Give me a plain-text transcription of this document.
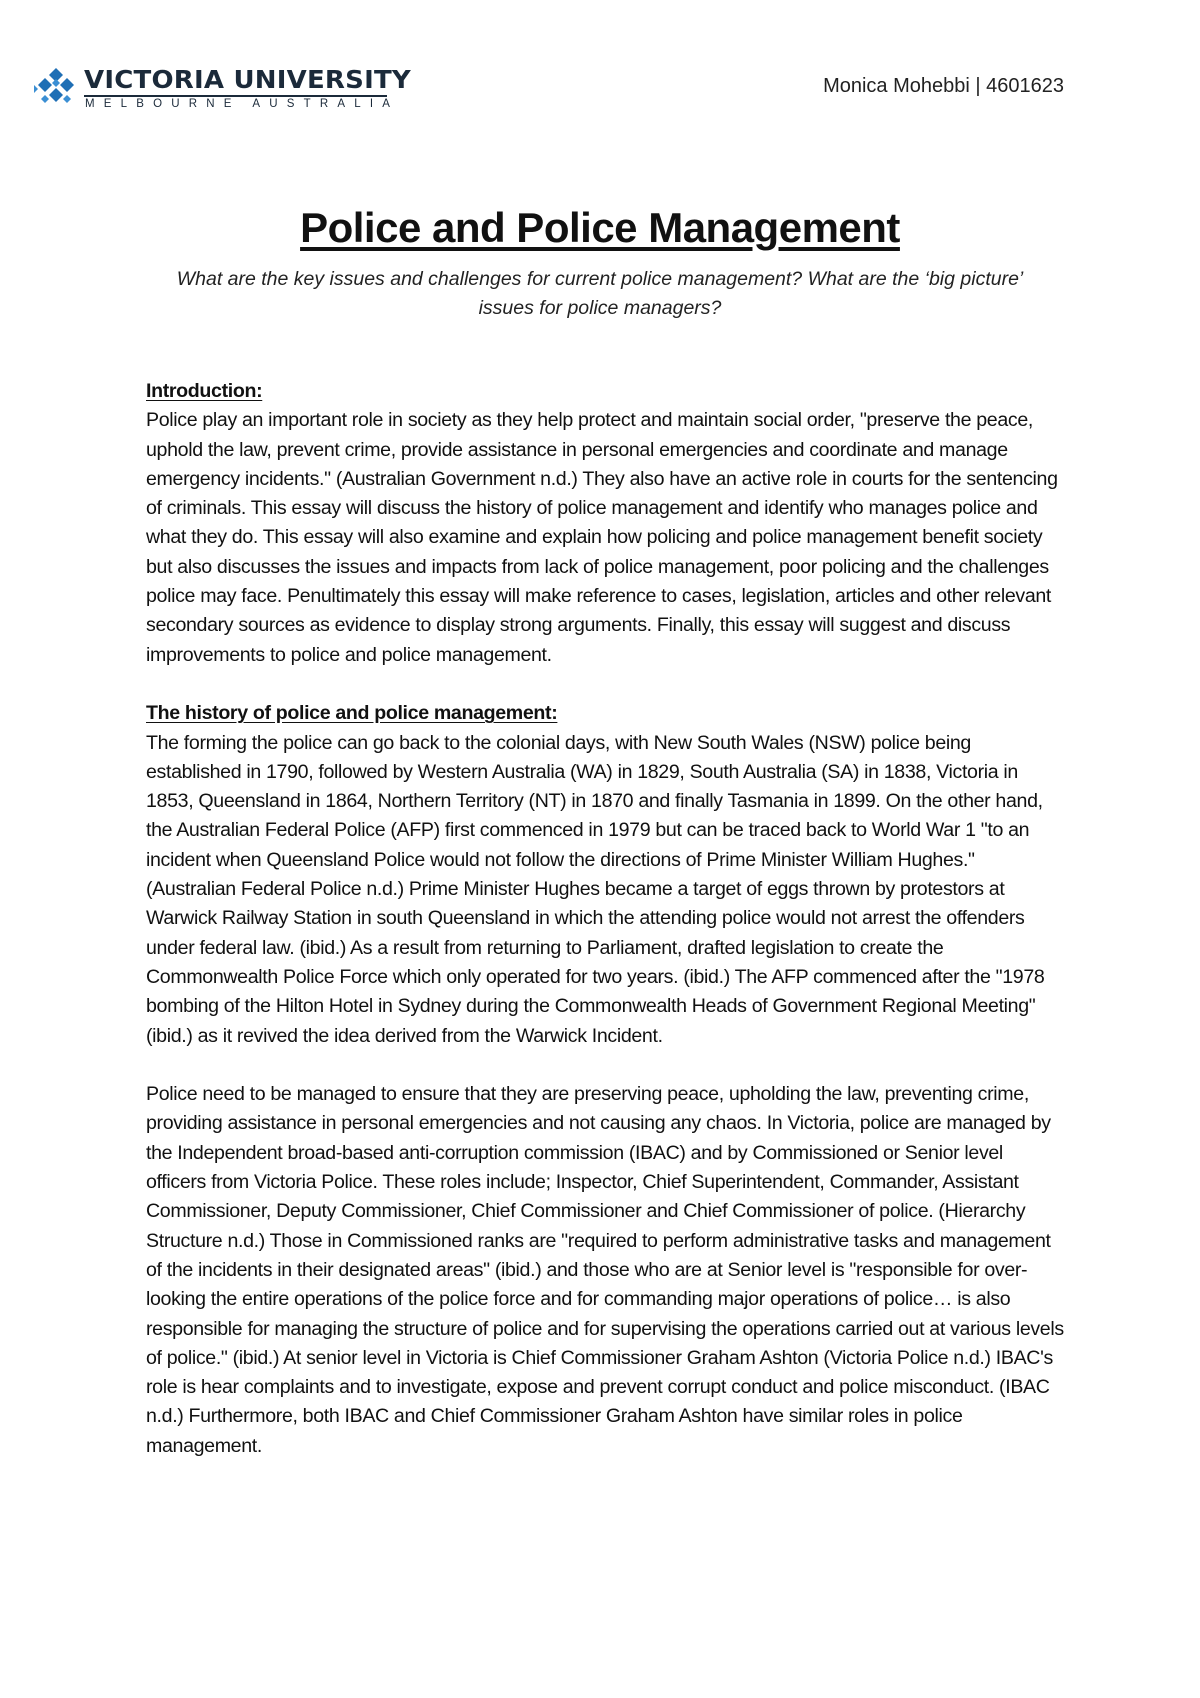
VICTORIA UNIVERSITY
MELBOURNE AUSTRALIA
Monica Mohebbi | 4601623
Police and Police Management
What are the key issues and challenges for current police management? What are the ‘big picture’ issues for police managers?
Introduction:

Police play an important role in society as they help protect and maintain social order, "preserve the peace, uphold the law, prevent crime, provide assistance in personal emergencies and coordinate and manage emergency incidents." (Australian Government n.d.) They also have an active role in courts for the sentencing of criminals. This essay will discuss the history of police management and identify who manages police and what they do. This essay will also examine and explain how policing and police management benefit society but also discusses the issues and impacts from lack of police management, poor policing and the challenges police may face. Penultimately this essay will make reference to cases, legislation, articles and other relevant secondary sources as evidence to display strong arguments. Finally, this essay will suggest and discuss improvements to police and police management.

The history of police and police management:

The forming the police can go back to the colonial days, with New South Wales (NSW) police being established in 1790, followed by Western Australia (WA) in 1829, South Australia (SA) in 1838, Victoria in 1853, Queensland in 1864, Northern Territory (NT) in 1870 and finally Tasmania in 1899. On the other hand, the Australian Federal Police (AFP) first commenced in 1979 but can be traced back to World War 1 "to an incident when Queensland Police would not follow the directions of Prime Minister William Hughes." (Australian Federal Police n.d.) Prime Minister Hughes became a target of eggs thrown by protestors at Warwick Railway Station in south Queensland in which the attending police would not arrest the offenders under federal law. (ibid.) As a result from returning to Parliament, drafted legislation to create the Commonwealth Police Force which only operated for two years. (ibid.) The AFP commenced after the "1978 bombing of the Hilton Hotel in Sydney during the Commonwealth Heads of Government Regional Meeting" (ibid.) as it revived the idea derived from the Warwick Incident.

Police need to be managed to ensure that they are preserving peace, upholding the law, preventing crime, providing assistance in personal emergencies and not causing any chaos. In Victoria, police are managed by the Independent broad-based anti-corruption commission (IBAC) and by Commissioned or Senior level officers from Victoria Police. These roles include; Inspector, Chief Superintendent, Commander, Assistant Commissioner, Deputy Commissioner, Chief Commissioner and Chief Commissioner of police. (Hierarchy Structure n.d.) Those in Commissioned ranks are "required to perform administrative tasks and management of the incidents in their designated areas" (ibid.) and those who are at Senior level is "responsible for over-looking the entire operations of the police force and for commanding major operations of police… is also responsible for managing the structure of police and for supervising the operations carried out at various levels of police." (ibid.) At senior level in Victoria is Chief Commissioner Graham Ashton (Victoria Police n.d.) IBAC's role is hear complaints and to investigate, expose and prevent corrupt conduct and police misconduct. (IBAC n.d.) Furthermore, both IBAC and Chief Commissioner Graham Ashton have similar roles in police management.
